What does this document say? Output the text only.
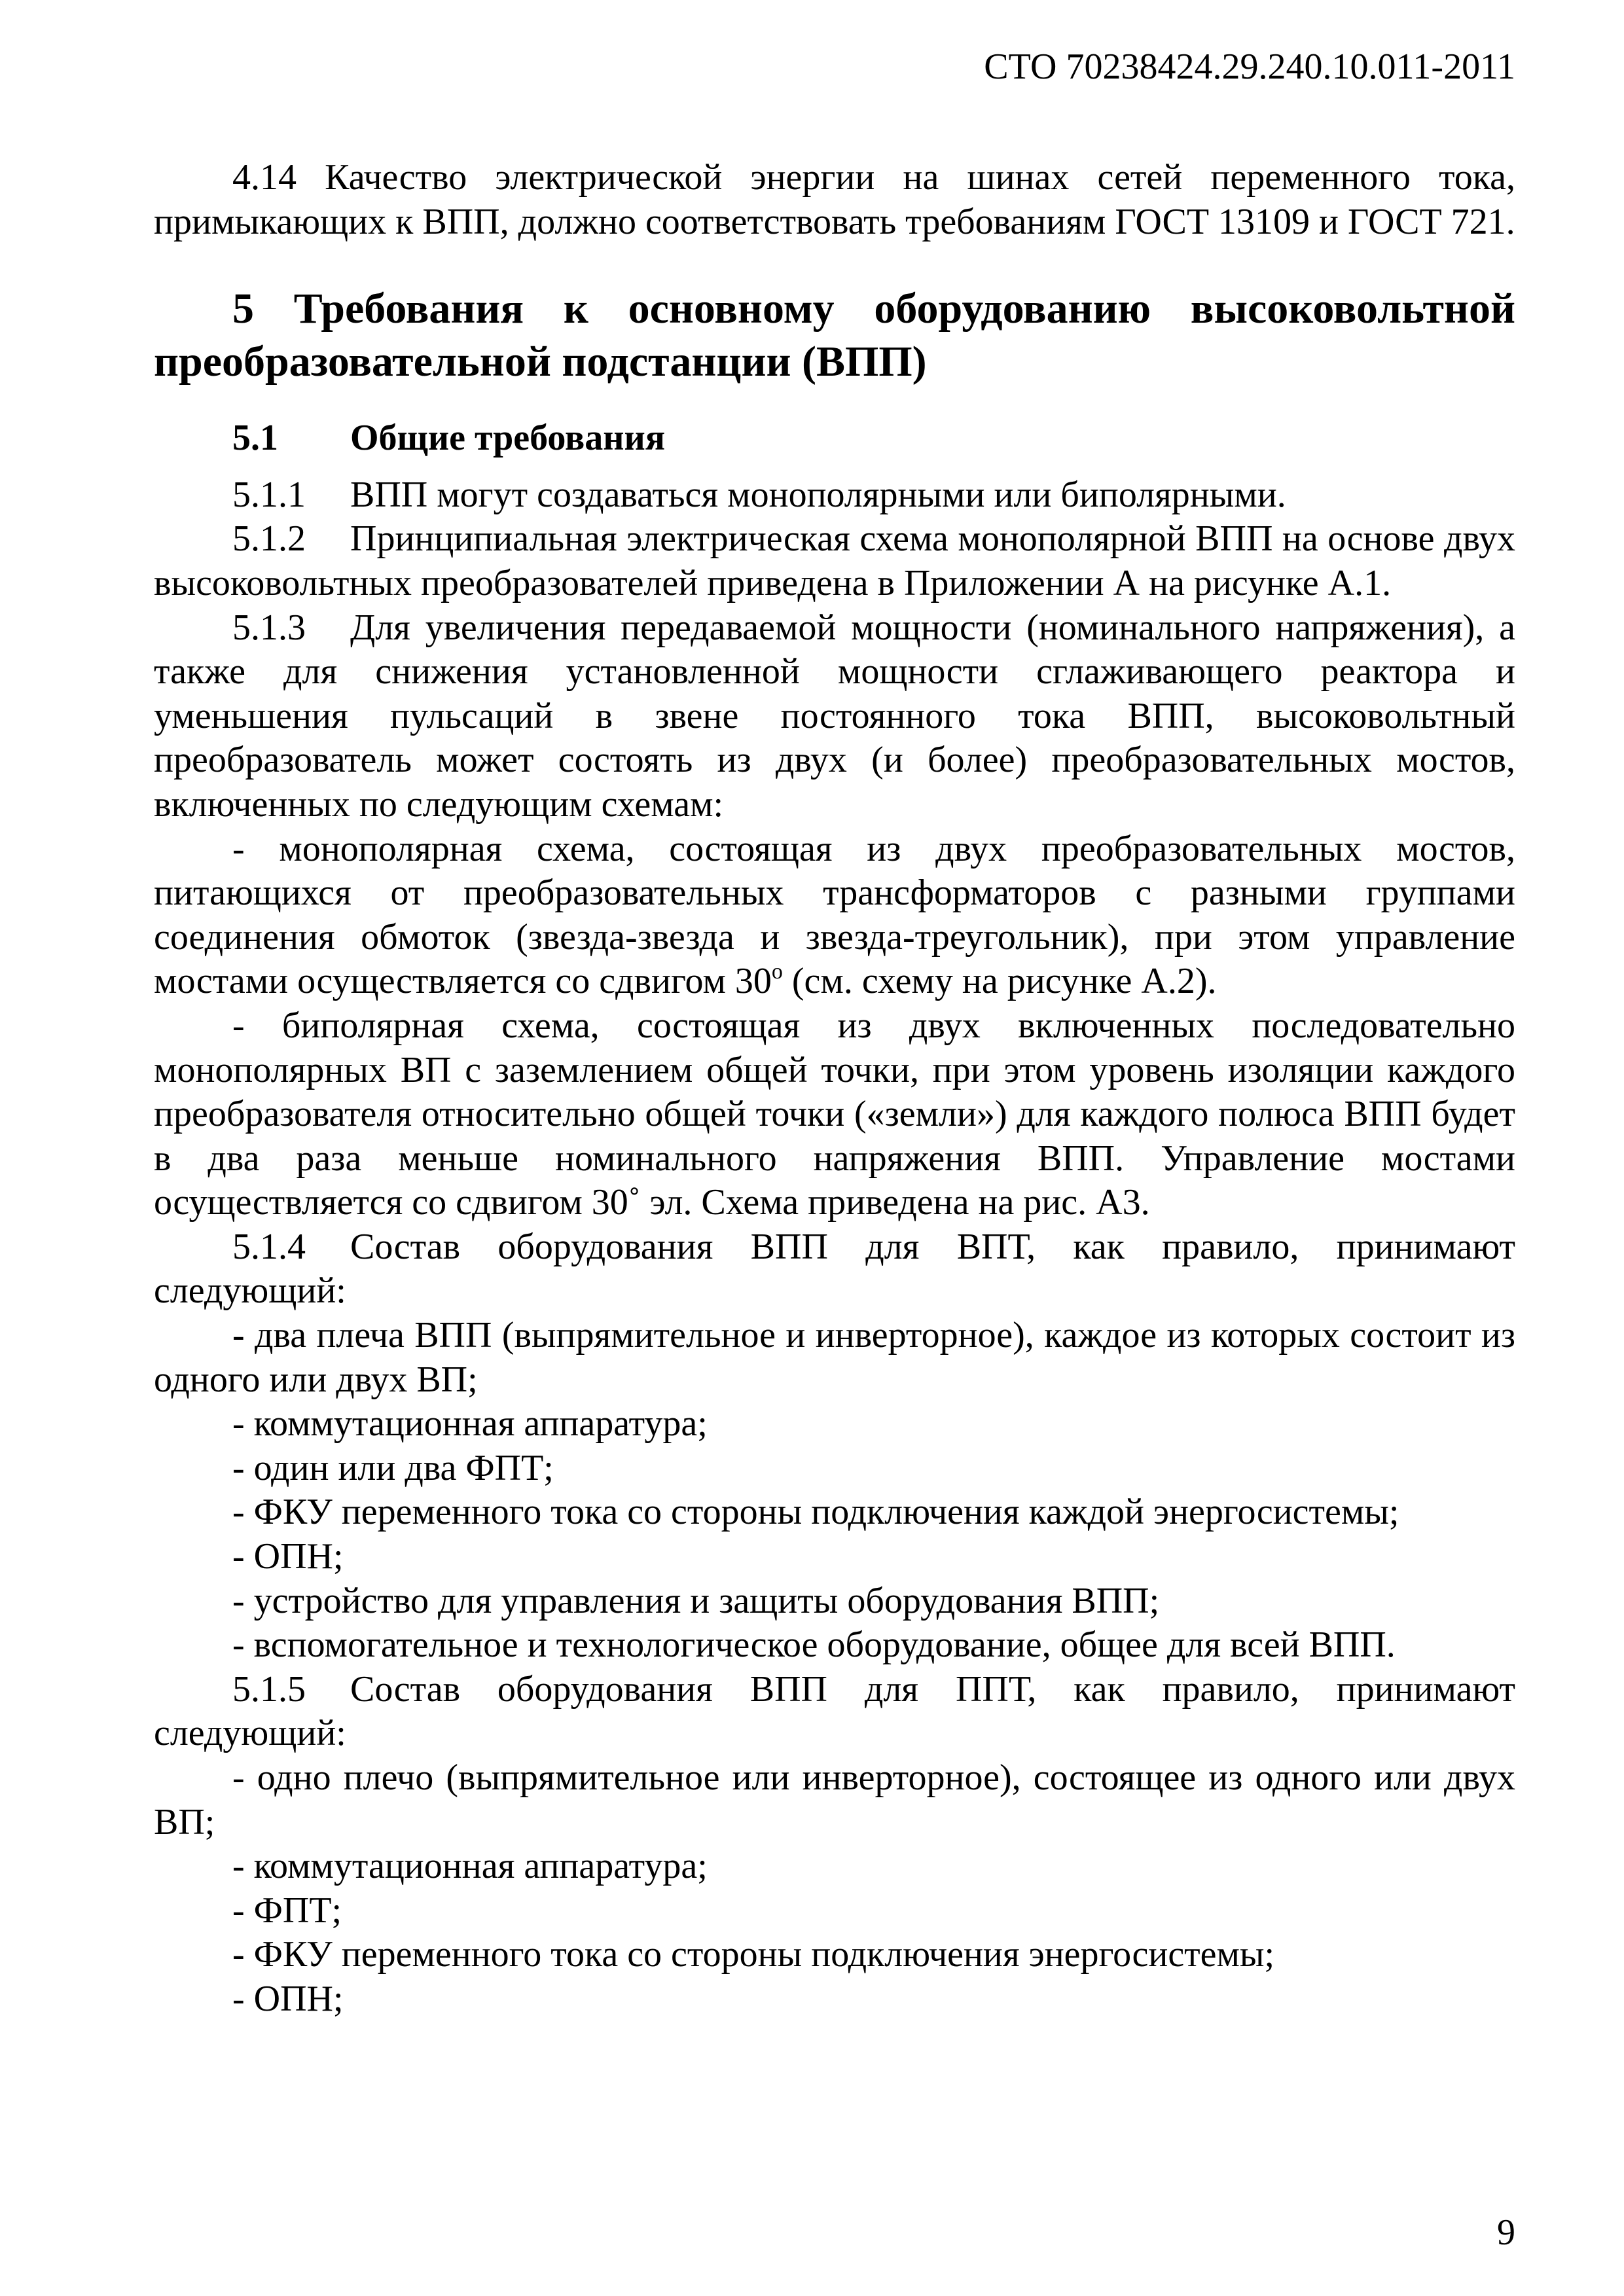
СТО 70238424.29.240.10.011-2011

4.14 Качество электрической энергии на шинах сетей переменного тока, примыкающих к ВПП, должно соответствовать требованиям ГОСТ 13109 и ГОСТ 721.

5 Требования к основному оборудованию высоковольтной преобразовательной подстанции (ВПП)
5.1 Общие требования

5.1.1 ВПП могут создаваться монополярными или биполярными.

5.1.2 Принципиальная электрическая схема монополярной ВПП на основе двух высоковольтных преобразователей приведена в Приложении А на рисунке А.1.

5.1.3 Для увеличения передаваемой мощности (номинального напряжения), а также для снижения установленной мощности сглаживающего реактора и уменьшения пульсаций в звене постоянного тока ВПП, высоковольтный преобразователь может состоять из двух (и более) преобразовательных мостов, включенных по следующим схемам:

- монополярная схема, состоящая из двух преобразовательных мостов, питающихся от преобразовательных трансформаторов с разными группами соединения обмоток (звезда-звезда и звезда-треугольник), при этом управление мостами осуществляется со сдвигом $30^о$ (см. схему на рисунке А.2).

- биполярная схема, состоящая из двух включенных последовательно монополярных ВП с заземлением общей точки, при этом уровень изоляции каждого преобразователя относительно общей точки («земли») для каждого полюса ВПП будет в два раза меньше номинального напряжения ВПП. Управление мостами осуществляется со сдвигом 30˚ эл. Схема приведена на рис. А3.

5.1.4 Состав оборудования ВПП для ВПТ, как правило, принимают следующий:

- два плеча ВПП (выпрямительное и инверторное), каждое из которых состоит из одного или двух ВП;

- коммутационная аппаратура;

- один или два ФПТ;

- ФКУ переменного тока со стороны подключения каждой энергосистемы;

- ОПН;

- устройство для управления и защиты оборудования ВПП;

- вспомогательное и технологическое оборудование, общее для всей ВПП.

5.1.5 Состав оборудования ВПП для ППТ, как правило, принимают следующий:

- одно плечо (выпрямительное или инверторное), состоящее из одного или двух ВП;

- коммутационная аппаратура;

- ФПТ;

- ФКУ переменного тока со стороны подключения энергосистемы;

- ОПН;

9
